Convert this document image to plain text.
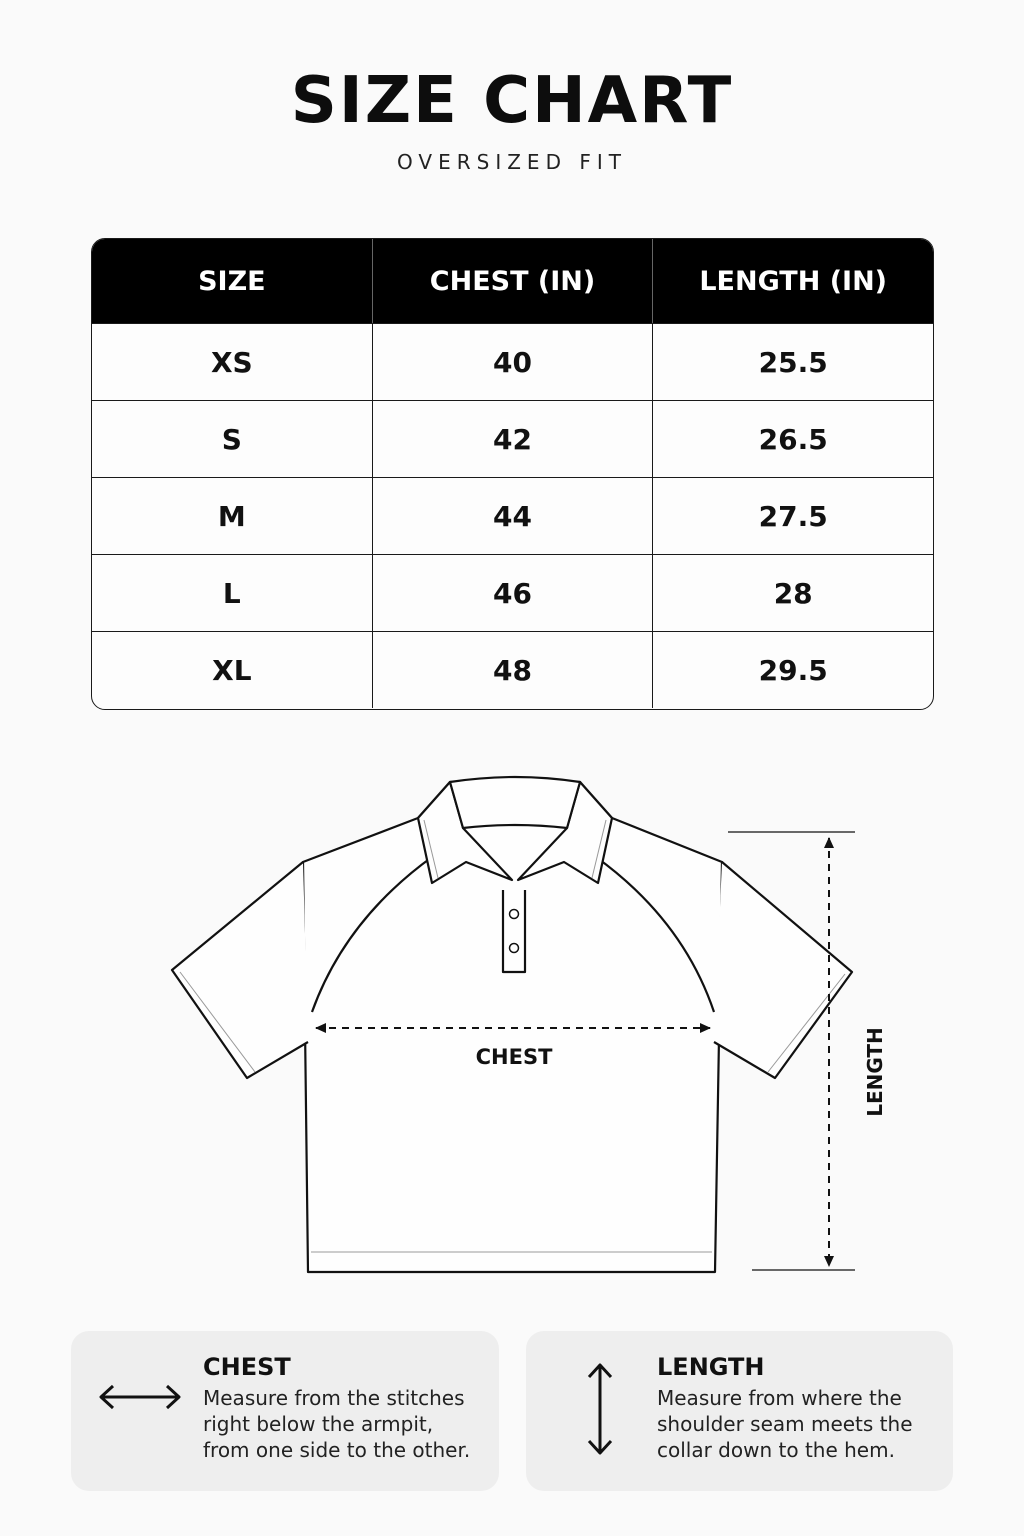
SIZE CHART
OVERSIZED FIT
SIZE	CHEST (IN)	LENGTH (IN)
XS	40	25.5
S	42	26.5
M	44	27.5
L	46	28
XL	48	29.5
CHEST	LENGTH
CHEST
Measure from the stitches right below the armpit, from one side to the other.
LENGTH
Measure from where the shoulder seam meets the collar down to the hem.
